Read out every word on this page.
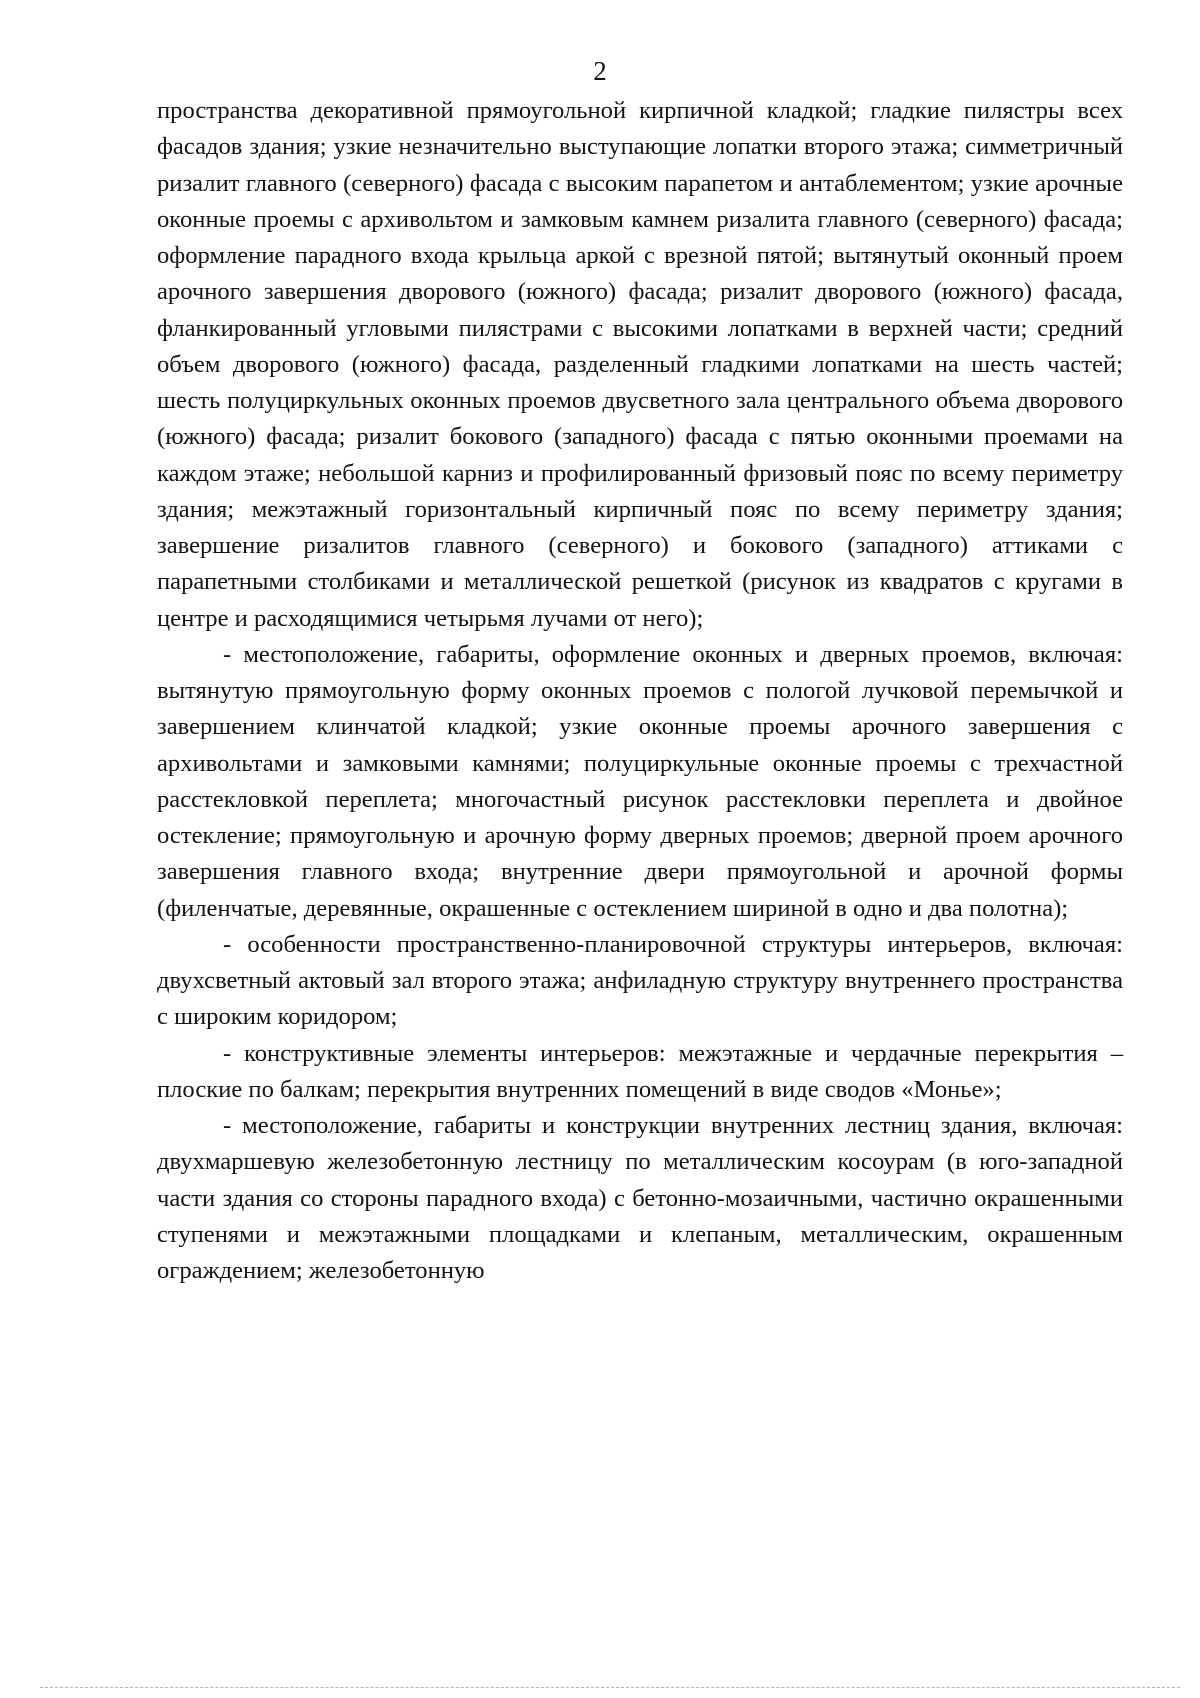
2

пространства декоративной прямоугольной кирпичной кладкой; гладкие пилястры всех фасадов здания; узкие незначительно выступающие лопатки второго этажа; симметричный ризалит главного (северного) фасада с высоким парапетом и антаблементом; узкие арочные оконные проемы с архивольтом и замковым камнем ризалита главного (северного) фасада; оформление парадного входа крыльца аркой с врезной пятой; вытянутый оконный проем арочного завершения дворового (южного) фасада; ризалит дворового (южного) фасада, фланкированный угловыми пилястрами с высокими лопатками в верхней части; средний объем дворового (южного) фасада, разделенный гладкими лопатками на шесть частей; шесть полуциркульных оконных проемов двусветного зала центрального объема дворового (южного) фасада; ризалит бокового (западного) фасада с пятью оконными проемами на каждом этаже; небольшой карниз и профилированный фризовый пояс по всему периметру здания; межэтажный горизонтальный кирпичный пояс по всему периметру здания; завершение ризалитов главного (северного) и бокового (западного) аттиками с парапетными столбиками и металлической решеткой (рисунок из квадратов с кругами в центре и расходящимися четырьмя лучами от него);

- местоположение, габариты, оформление оконных и дверных проемов, включая: вытянутую прямоугольную форму оконных проемов с пологой лучковой перемычкой и завершением клинчатой кладкой; узкие оконные проемы арочного завершения с архивольтами и замковыми камнями; полуциркульные оконные проемы с трехчастной расстекловкой переплета; многочастный рисунок расстекловки переплета и двойное остекление; прямоугольную и арочную форму дверных проемов; дверной проем арочного завершения главного входа; внутренние двери прямоугольной и арочной формы (филенчатые, деревянные, окрашенные с остеклением шириной в одно и два полотна);

- особенности пространственно-планировочной структуры интерьеров, включая: двухсветный актовый зал второго этажа; анфиладную структуру внутреннего пространства с широким коридором;

- конструктивные элементы интерьеров: межэтажные и чердачные перекрытия – плоские по балкам; перекрытия внутренних помещений в виде сводов «Монье»;

- местоположение, габариты и конструкции внутренних лестниц здания, включая: двухмаршевую железобетонную лестницу по металлическим косоурам (в юго-западной части здания со стороны парадного входа) с бетонно-мозаичными, частично окрашенными ступенями и межэтажными площадками и клепаным, металлическим, окрашенным ограждением; железобетонную
